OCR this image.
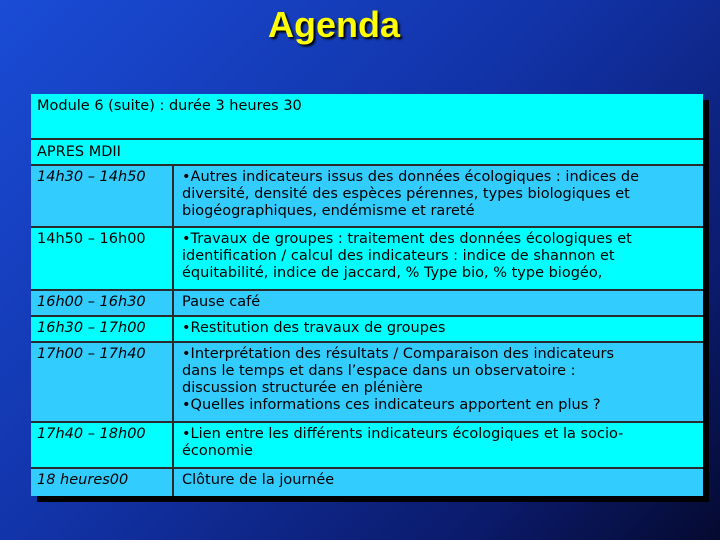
Agenda
Module 6 (suite) : durée 3 heures 30
APRES MDII
14h30 – 14h50	•Autres indicateurs issus des données écologiques : indices de
diversité, densité des espèces pérennes, types biologiques et
biogéographiques, endémisme et rareté
14h50 – 16h00	•Travaux de groupes : traitement des données écologiques et
identification / calcul des indicateurs : indice de shannon et
équitabilité, indice de jaccard, % Type bio, % type biogéo,
16h00 – 16h30	Pause café
16h30 – 17h00	•Restitution des travaux de groupes
17h00 – 17h40	•Interprétation des résultats / Comparaison des indicateurs
dans le temps et dans l’espace dans un observatoire :
discussion structurée en plénière
•Quelles informations ces indicateurs apportent en plus ?
17h40 – 18h00	•Lien entre les différents indicateurs écologiques et la socio-
économie
18 heures00	Clôture de la journée
